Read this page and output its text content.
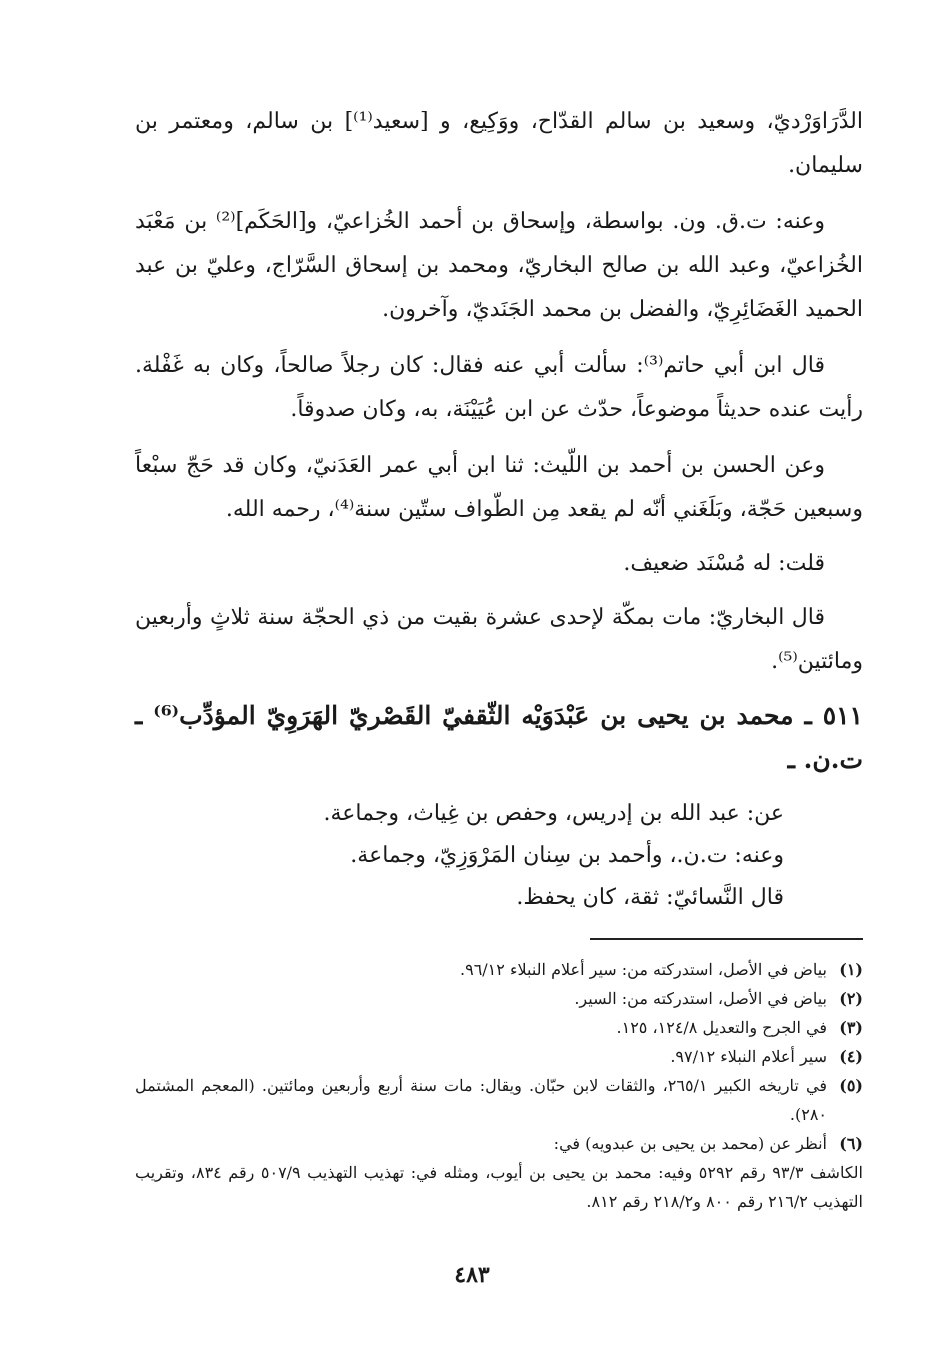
الدَّرَاوَرْديّ، وسعيد بن سالم القدّاح، ووَكِيع، و [سعيد⁽¹⁾] بن سالم، ومعتمر بن سليمان.

وعنه: ت.ق. ون. بواسطة، وإسحاق بن أحمد الخُزاعيّ، و[الحَكَم]⁽²⁾ بن مَعْبَد الخُزاعيّ، وعبد الله بن صالح البخاريّ، ومحمد بن إسحاق السَّرّاج، وعليّ بن عبد الحميد الغَضَائِرِيّ، والفضل بن محمد الجَنَديّ، وآخرون.

قال ابن أبي حاتم⁽³⁾: سألت أبي عنه فقال: كان رجلاً صالحاً، وكان به غَفْلة. رأيت عنده حديثاً موضوعاً، حدّث عن ابن عُيَيْنَة، به، وكان صدوقاً.

وعن الحسن بن أحمد بن اللّيث: ثنا ابن أبي عمر العَدَنيّ، وكان قد حَجّ سبْعاً وسبعين حَجّة، وبَلَغَني أنّه لم يقعد مِن الطّواف ستّين سنة⁽⁴⁾، رحمه الله.

قلت: له مُسْنَد ضعيف.

قال البخاريّ: مات بمكّة لإحدى عشرة بقيت من ذي الحجّة سنة ثلاثٍ وأربعين ومائتين⁽⁵⁾.

٥١١ ـ محمد بن يحيى بن عَبْدَوَيْه الثّقفيّ القَصْريّ الهَرَوِيّ المؤدِّب⁽⁶⁾ ـ ت.ن. ـ

عن: عبد الله بن إدريس، وحفص بن غِياث، وجماعة.
وعنه: ت.ن.، وأحمد بن سِنان المَرْوَزِيّ، وجماعة.
قال النَّسائيّ: ثقة، كان يحفظ.
(١)
بياض في الأصل، استدركته من: سير أعلام النبلاء ٩٦/١٢.
(٢)
بياض في الأصل، استدركته من: السير.
(٣)
في الجرح والتعديل ١٢٤/٨، ١٢٥.
(٤)
سير أعلام النبلاء ٩٧/١٢.
(٥)
في تاريخه الكبير ٢٦٥/١، والثقات لابن حبّان. ويقال: مات سنة أربع وأربعين ومائتين. (المعجم المشتمل ٢٨٠).
(٦)
أنظر عن (محمد بن يحيى بن عبدويه) في:

الكاشف ٩٣/٣ رقم ٥٢٩٢ وفيه: محمد بن يحيى بن أيوب، ومثله في: تهذيب التهذيب ٥٠٧/٩ رقم ٨٣٤، وتقريب التهذيب ٢١٦/٢ رقم ٨٠٠ و٢١٨/٢ رقم ٨١٢.

٤٨٣
